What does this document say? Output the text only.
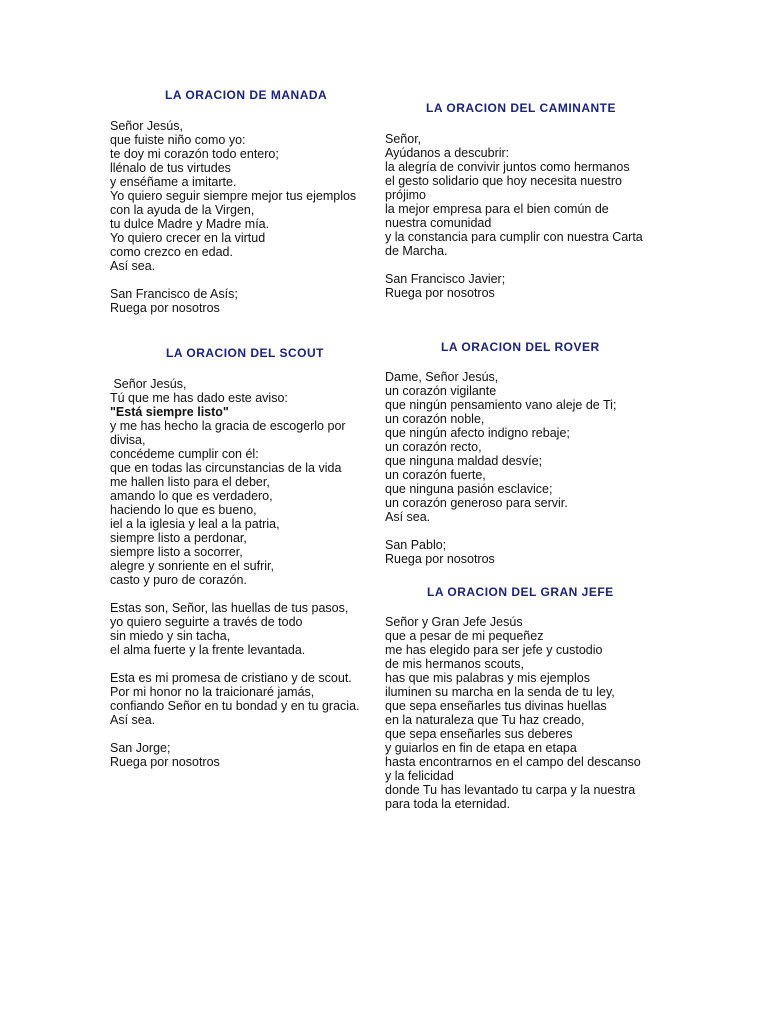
LA ORACION DE MANADA
Señor Jesús,
que fuiste niño como yo:
te doy mi corazón todo entero;
llénalo de tus virtudes
y enséñame a imitarte.
Yo quiero seguir siempre mejor tus ejemplos
con la ayuda de la Virgen,
tu dulce Madre y Madre mía.
Yo quiero crecer en la virtud
como crezco en edad.
Así sea.
San Francisco de Asís;
Ruega por nosotros
LA ORACION DEL CAMINANTE
Señor,
Ayúdanos a descubrir:
la alegría de convivir juntos como hermanos
el gesto solidario que hoy necesita nuestro
prójimo
la mejor empresa para el bien común de
nuestra comunidad
y la constancia para cumplir con nuestra Carta
de Marcha.
San Francisco Javier;
Ruega por nosotros
LA ORACION DEL SCOUT
Señor Jesús,
Tú que me has dado este aviso:
"Está siempre listo"
y me has hecho la gracia de escogerlo por
divisa,
concédeme cumplir con él:
que en todas las circunstancias de la vida
me hallen listo para el deber,
amando lo que es verdadero,
haciendo lo que es bueno,
iel a la iglesia y leal a la patria,
siempre listo a perdonar,
siempre listo a socorrer,
alegre y sonriente en el sufrir,
casto y puro de corazón.
Estas son, Señor, las huellas de tus pasos,
yo quiero seguirte a través de todo
sin miedo y sin tacha,
el alma fuerte y la frente levantada.
Esta es mi promesa de cristiano y de scout.
Por mi honor no la traicionaré jamás,
confiando Señor en tu bondad y en tu gracia.
Así sea.
San Jorge;
Ruega por nosotros
LA ORACION DEL ROVER
Dame, Señor Jesús,
un corazón vigilante
que ningún pensamiento vano aleje de Ti;
un corazón noble,
que ningún afecto indigno rebaje;
un corazón recto,
que ninguna maldad desvíe;
un corazón fuerte,
que ninguna pasión esclavice;
un corazón generoso para servir.
Así sea.
San Pablo;
Ruega por nosotros
LA ORACION DEL GRAN JEFE
Señor y Gran Jefe Jesús
que a pesar de mi pequeñez
me has elegido para ser jefe y custodio
de mis hermanos scouts,
has que mis palabras y mis ejemplos
iluminen su marcha en la senda de tu ley,
que sepa enseñarles tus divinas huellas
en la naturaleza que Tu haz creado,
que sepa enseñarles sus deberes
y guiarlos en fin de etapa en etapa
hasta encontrarnos en el campo del descanso
y la felicidad
donde Tu has levantado tu carpa y la nuestra
para toda la eternidad.
